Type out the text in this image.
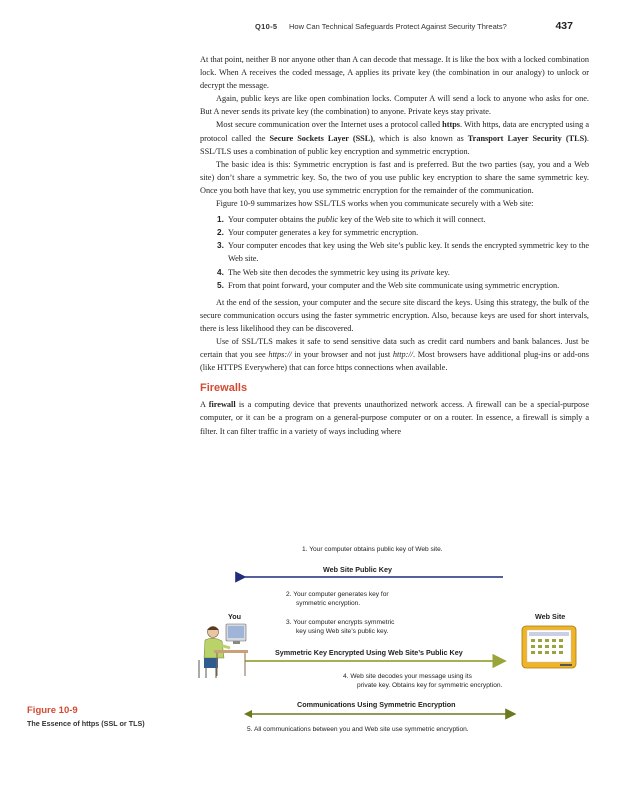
Q10-5 How Can Technical Safeguards Protect Against Security Threats?	437

At that point, neither B nor anyone other than A can decode that message. It is like the box with a locked combination lock. When A receives the coded message, A applies its private key (the combination in our analogy) to unlock or decrypt the message.

Again, public keys are like open combination locks. Computer A will send a lock to anyone who asks for one. But A never sends its private key (the combination) to anyone. Private keys stay private.

Most secure communication over the Internet uses a protocol called https. With https, data are encrypted using a protocol called the Secure Sockets Layer (SSL), which is also known as Transport Layer Security (TLS). SSL/TLS uses a combination of public key encryption and symmetric encryption.

The basic idea is this: Symmetric encryption is fast and is preferred. But the two parties (say, you and a Web site) don’t share a symmetric key. So, the two of you use public key encryption to share the same symmetric key. Once you both have that key, you use symmetric encryption for the remainder of the communication.

Figure 10-9 summarizes how SSL/TLS works when you communicate securely with a Web site:

1. Your computer obtains the public key of the Web site to which it will connect.
2. Your computer generates a key for symmetric encryption.
3. Your computer encodes that key using the Web site’s public key. It sends the encrypted symmetric key to the Web site.
4. The Web site then decodes the symmetric key using its private key.
5. From that point forward, your computer and the Web site communicate using symmetric encryption.

At the end of the session, your computer and the secure site discard the keys. Using this strategy, the bulk of the secure communication occurs using the faster symmetric encryption. Also, because keys are used for short intervals, there is less likelihood they can be discovered.

Use of SSL/TLS makes it safe to send sensitive data such as credit card numbers and bank balances. Just be certain that you see https:// in your browser and not just http://. Most browsers have additional plug-ins or add-ons (like HTTPS Everywhere) that can force https connections when available.

Firewalls

A firewall is a computing device that prevents unauthorized network access. A firewall can be a special-purpose computer, or it can be a program on a general-purpose computer or on a router. In essence, a firewall is simply a filter. It can filter traffic in a variety of ways including where

1. Your computer obtains public key of Web site.
Web Site Public Key
2. Your computer generates key for
symmetric encryption.
You	Web Site
3. Your computer encrypts symmetric
key using Web site’s public key.
Symmetric Key Encrypted Using Web Site’s Public Key
4. Web site decodes your message using its
private key. Obtains key for symmetric encryption.
Communications Using Symmetric Encryption
5. All communications between you and Web site use symmetric encryption.
Figure 10-9
The Essence of https (SSL or TLS)
